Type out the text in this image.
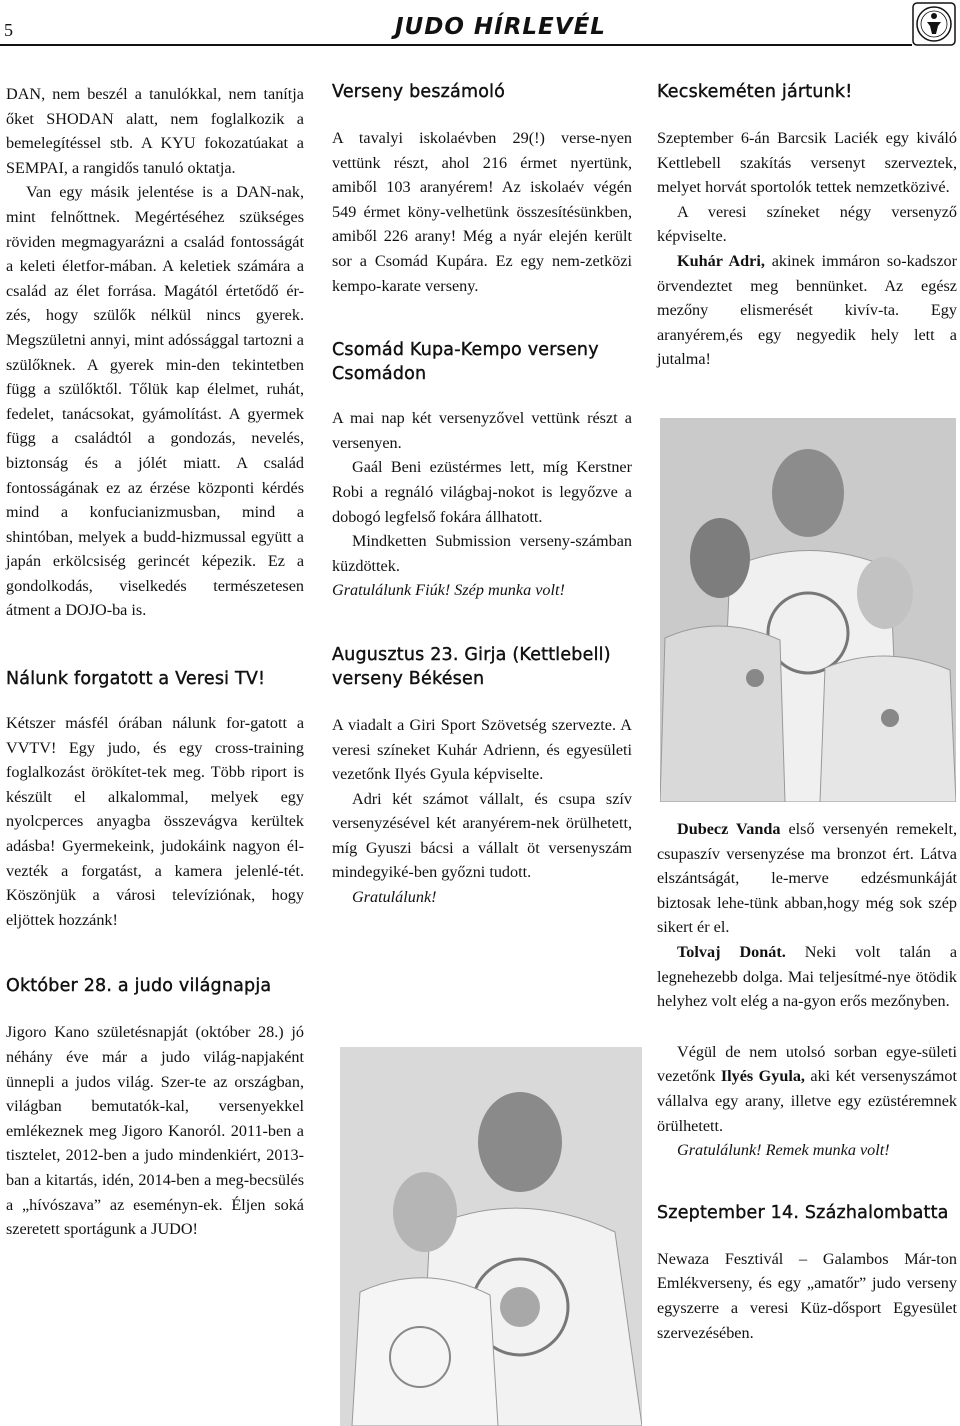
5	JUDO HÍRLEVÉL

DAN, nem beszél a tanulókkal, nem tanítja őket SHODAN alatt, nem foglalkozik a bemelegítéssel stb. A KYU fokozatúakat a SEMPAI, a rangidős tanuló oktatja.

Van egy másik jelentése is a DAN-nak, mint felnőttnek. Megértéséhez szükséges röviden megmagyarázni a család fontosságát a keleti életfor-mában. A keletiek számára a család az élet forrása. Magától értetődő ér-zés, hogy szülők nélkül nincs gyerek. Megszületni annyi, mint adóssággal tartozni a szülőknek. A gyerek min-den tekintetben függ a szülőktől. Tőlük kap élelmet, ruhát, fedelet, tanácsokat, gyámolítást. A gyermek függ a családtól a gondozás, nevelés, biztonság és a jólét miatt. A család fontosságának ez az érzése központi kérdés mind a konfucianizmusban, mind a shintóban, melyek a budd-hizmussal együtt a japán erkölcsiség gerincét képezik. Ez a gondolkodás, viselkedés természetesen átment a DOJO-ba is.

Nálunk forgatott a Veresi TV!

Kétszer másfél órában nálunk for-gatott a VVTV! Egy judo, és egy cross-training foglalkozást örökítet-tek meg. Több riport is készült el alkalommal, melyek egy nyolcperces anyagba összevágva kerültek adásba! Gyermekeink, judokáink nagyon él-vezték a forgatást, a kamera jelenlé-tét. Köszönjük a városi televíziónak, hogy eljöttek hozzánk!

Október 28. a judo világnapja

Jigoro Kano születésnapját (október 28.) jó néhány éve már a judo világ-napjaként ünnepli a judos világ. Szer-te az országban, világban bemutatók-kal, versenyekkel emlékeznek meg Jigoro Kanoról. 2011-ben a tisztelet, 2012-ben a judo mindenkiért, 2013-ban a kitartás, idén, 2014-ben a meg-becsülés a „hívószava” az eseményn-ek. Éljen soká szeretett sportágunk a JUDO!

Verseny beszámoló

A tavalyi iskolaévben 29(!) verse-nyen vettünk részt, ahol 216 érmet nyertünk, amiből 103 aranyérem! Az iskolaév végén 549 érmet köny-velhetünk összesítésünkben, amiből 226 arany! Még a nyár elején került sor a Csomád Kupára. Ez egy nem-zetközi kempo-karate verseny.

Csomád Kupa-Kempo verseny Csomádon

A mai nap két versenyzővel vettünk részt a versenyen.

Gaál Beni ezüstérmes lett, míg Kerstner Robi a regnáló világbaj-nokot is legyőzve a dobogó legfelső fokára állhatott.

Mindketten Submission verseny-számban küzdöttek.

Gratulálunk Fiúk! Szép munka volt!

Augusztus 23. Girja (Kettlebell) verseny Békésen

A viadalt a Giri Sport Szövetség szervezte. A veresi színeket Kuhár Adrienn, és egyesületi vezetőnk Ilyés Gyula képviselte.

Adri két számot vállalt, és csupa szív versenyzésével két aranyérem-nek örülhetett, míg Gyuszi bácsi a vállalt öt versenyszám mindegyiké-ben győzni tudott.

Gratulálunk!

Kecskeméten jártunk!

Szeptember 6-án Barcsik Laciék egy kiváló Kettlebell szakítás versenyt szerveztek, melyet horvát sportolók tettek nemzetközivé.

A veresi színeket négy versenyző képviselte.

Kuhár Adri, akinek immáron so-kadszor örvendeztet meg bennünket. Az egész mezőny elismerését kivív-ta. Egy aranyérem,és egy negyedik hely lett a jutalma!

Dubecz Vanda első versenyén remekelt, csupaszív versenyzése ma bronzot ért. Látva elszántságát, le-merve edzésmunkáját biztosak lehe-tünk abban,hogy még sok szép sikert ér el.

Tolvaj Donát. Neki volt talán a legnehezebb dolga. Mai teljesítmé-nye ötödik helyhez volt elég a na-gyon erős mezőnyben.

Végül de nem utolsó sorban egye-sületi vezetőnk Ilyés Gyula, aki két versenyszámot vállalva egy arany, illetve egy ezüstéremnek örülhetett.

Gratulálunk! Remek munka volt!

Szeptember 14. Százhalombatta

Newaza Fesztivál – Galambos Már-ton Emlékverseny, és egy „amatőr” judo verseny egyszerre a veresi Küz-dősport Egyesület szervezésében.
